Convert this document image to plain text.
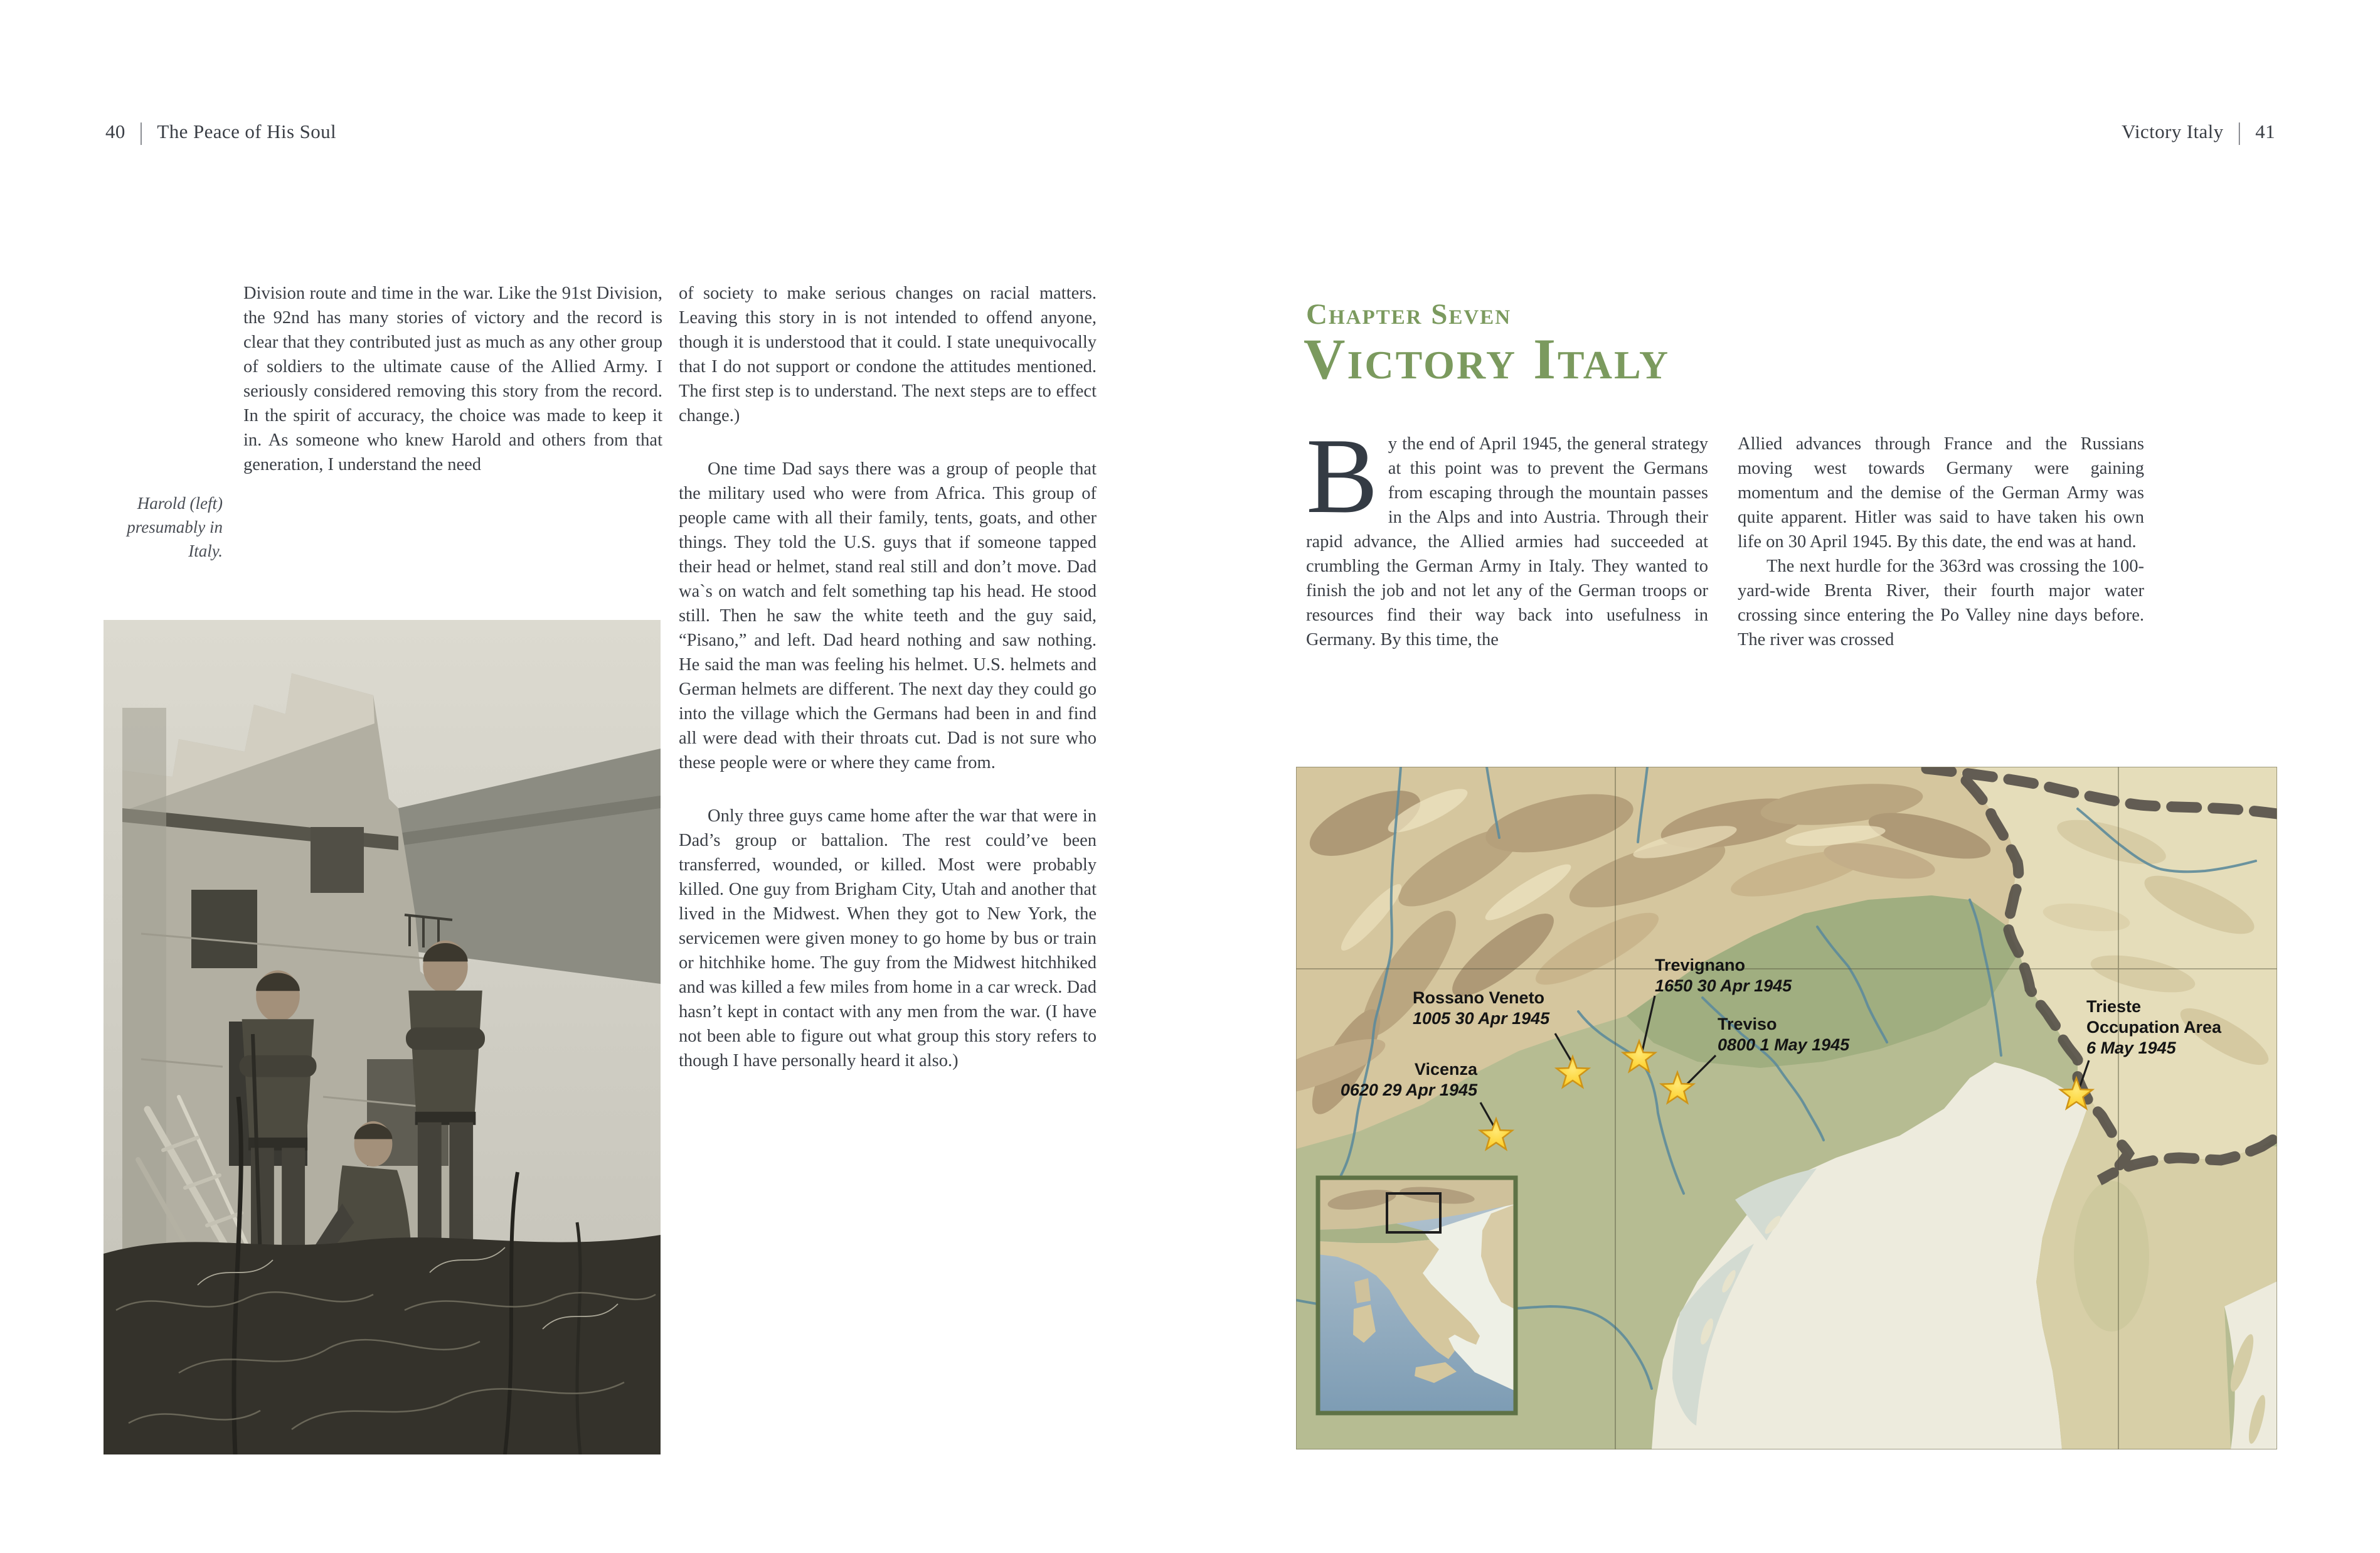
40 | The Peace of His Soul	Victory Italy | 41
Harold (left)
presumably in
Italy.

Division route and time in the war. Like the 91st Division, the 92nd has many stories of victory and the record is clear that they contributed just as much as any other group of soldiers to the ultimate cause of the Allied Army. I seriously considered removing this story from the record. In the spirit of accuracy, the choice was made to keep it in. As someone who knew Harold and others from that generation, I understand the need

of society to make serious changes on racial matters. Leaving this story in is not intended to offend anyone, though it is understood that it could. I state unequivocally that I do not support or condone the attitudes mentioned. The first step is to understand. The next steps are to effect change.)

One time Dad says there was a group of people that the military used who were from Africa. This group of people came with all their family, tents, goats, and other things. They told the U.S. guys that if someone tapped their head or helmet, stand real still and don’t move. Dad wa`s on watch and felt something tap his head. He stood still. Then he saw the white teeth and the guy said, “Pisano,” and left. Dad heard nothing and saw nothing. He said the man was feeling his helmet. U.S. helmets and German helmets are different. The next day they could go into the village which the Germans had been in and find all were dead with their throats cut. Dad is not sure who these people were or where they came from.

Only three guys came home after the war that were in Dad’s group or battalion. The rest could’ve been transferred, wounded, or killed. Most were probably killed. One guy from Brigham City, Utah and another that lived in the Midwest. When they got to New York, the servicemen were given money to go home by bus or train or hitchhike home. The guy from the Midwest hitchhiked and was killed a few miles from home in a car wreck. Dad hasn’t kept in contact with any men from the war. (I have not been able to figure out what group this story refers to though I have personally heard it also.)

Chapter Seven
Victory Italy

By the end of April 1945, the general strategy at this point was to prevent the Germans from escaping through the mountain passes in the Alps and into Austria. Through their rapid advance, the Allied armies had succeeded at crumbling the German Army in Italy. They wanted to finish the job and not let any of the German troops or resources find their way back into usefulness in Germany. By this time, the

Allied advances through France and the Russians moving west towards Germany were gaining momentum and the demise of the German Army was quite apparent. Hitler was said to have taken his own life on 30 April 1945. By this date, the end was at hand.

The next hurdle for the 363rd was crossing the 100-yard-wide Brenta River, their fourth major water crossing since entering the Po Valley nine days before. The river was crossed

Vicenza
0620 29 Apr 1945
Rossano Veneto
1005 30 Apr 1945
Trevignano
1650 30 Apr 1945
Treviso
0800 1 May 1945
Trieste Occupation Area
6 May 1945
